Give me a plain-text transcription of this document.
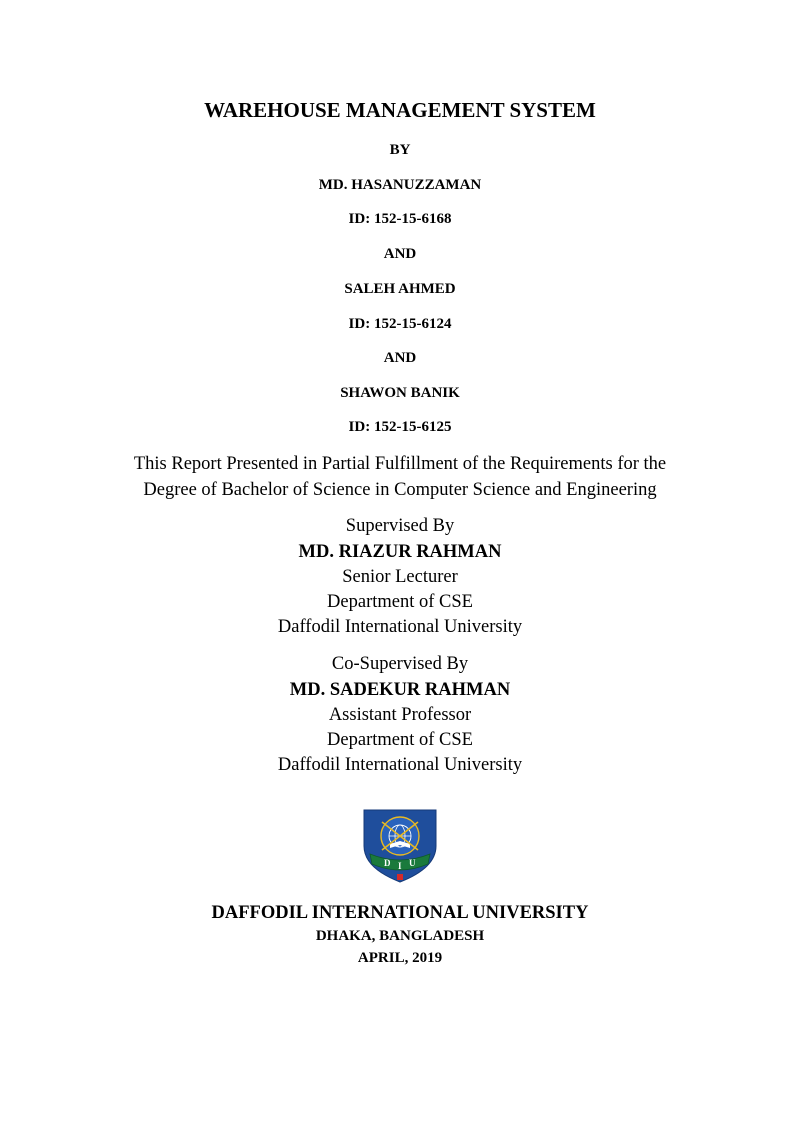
WAREHOUSE MANAGEMENT SYSTEM
BY
MD. HASANUZZAMAN
ID: 152-15-6168
AND
SALEH AHMED
ID: 152-15-6124
AND
SHAWON BANIK
ID: 152-15-6125
This Report Presented in Partial Fulfillment of the Requirements for the
Degree of Bachelor of Science in Computer Science and Engineering
Supervised By
MD. RIAZUR RAHMAN
Senior Lecturer
Department of CSE
Daffodil International University
Co-Supervised By
MD. SADEKUR RAHMAN
Assistant Professor
Department of CSE
Daffodil International University
D I U
DAFFODIL INTERNATIONAL UNIVERSITY
DHAKA, BANGLADESH
APRIL, 2019
